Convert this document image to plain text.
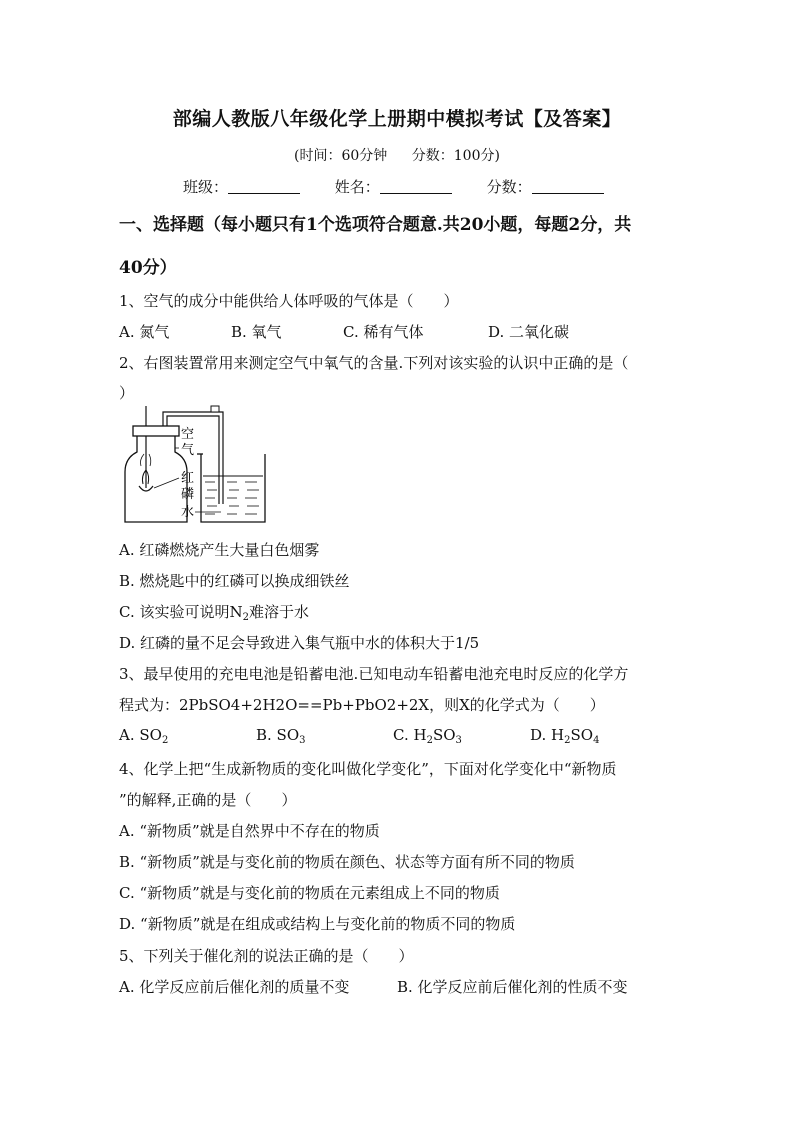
部编人教版八年级化学上册期中模拟考试【及答案】
(时间：60分钟 分数：100分)
班级：	姓名：	分数：
一、选择题（每小题只有1个选项符合题意.共20小题，每题2分，共
40分）
1、空气的成分中能供给人体呼吸的气体是（　　）
A. 氮气	B. 氧气	C. 稀有气体	D. 二氧化碳
2、右图装置常用来测定空气中氧气的含量.下列对该实验的认识中正确的是（
）
空
气
红
磷
水
A. 红磷燃烧产生大量白色烟雾
B. 燃烧匙中的红磷可以换成细铁丝
C. 该实验可说明$N_2$难溶于水
D. 红磷的量不足会导致进入集气瓶中水的体积大于1/5
3、最早使用的充电电池是铅蓄电池.已知电动车铅蓄电池充电时反应的化学方
程式为：2PbSO4+2H2O==Pb+PbO2+2X，则X的化学式为（　　）
A. $SO_2$	B. $SO_3$	C. $H_2SO_3$	D. $H_2SO_4$
4、化学上把“生成新物质的变化叫做化学变化”，下面对化学变化中“新物质
”的解释,正确的是（　　）
A. “新物质”就是自然界中不存在的物质
B. “新物质”就是与变化前的物质在颜色、状态等方面有所不同的物质
C. “新物质”就是与变化前的物质在元素组成上不同的物质
D. “新物质”就是在组成或结构上与变化前的物质不同的物质
5、下列关于催化剂的说法正确的是（　　）
A. 化学反应前后催化剂的质量不变	B. 化学反应前后催化剂的性质不变
